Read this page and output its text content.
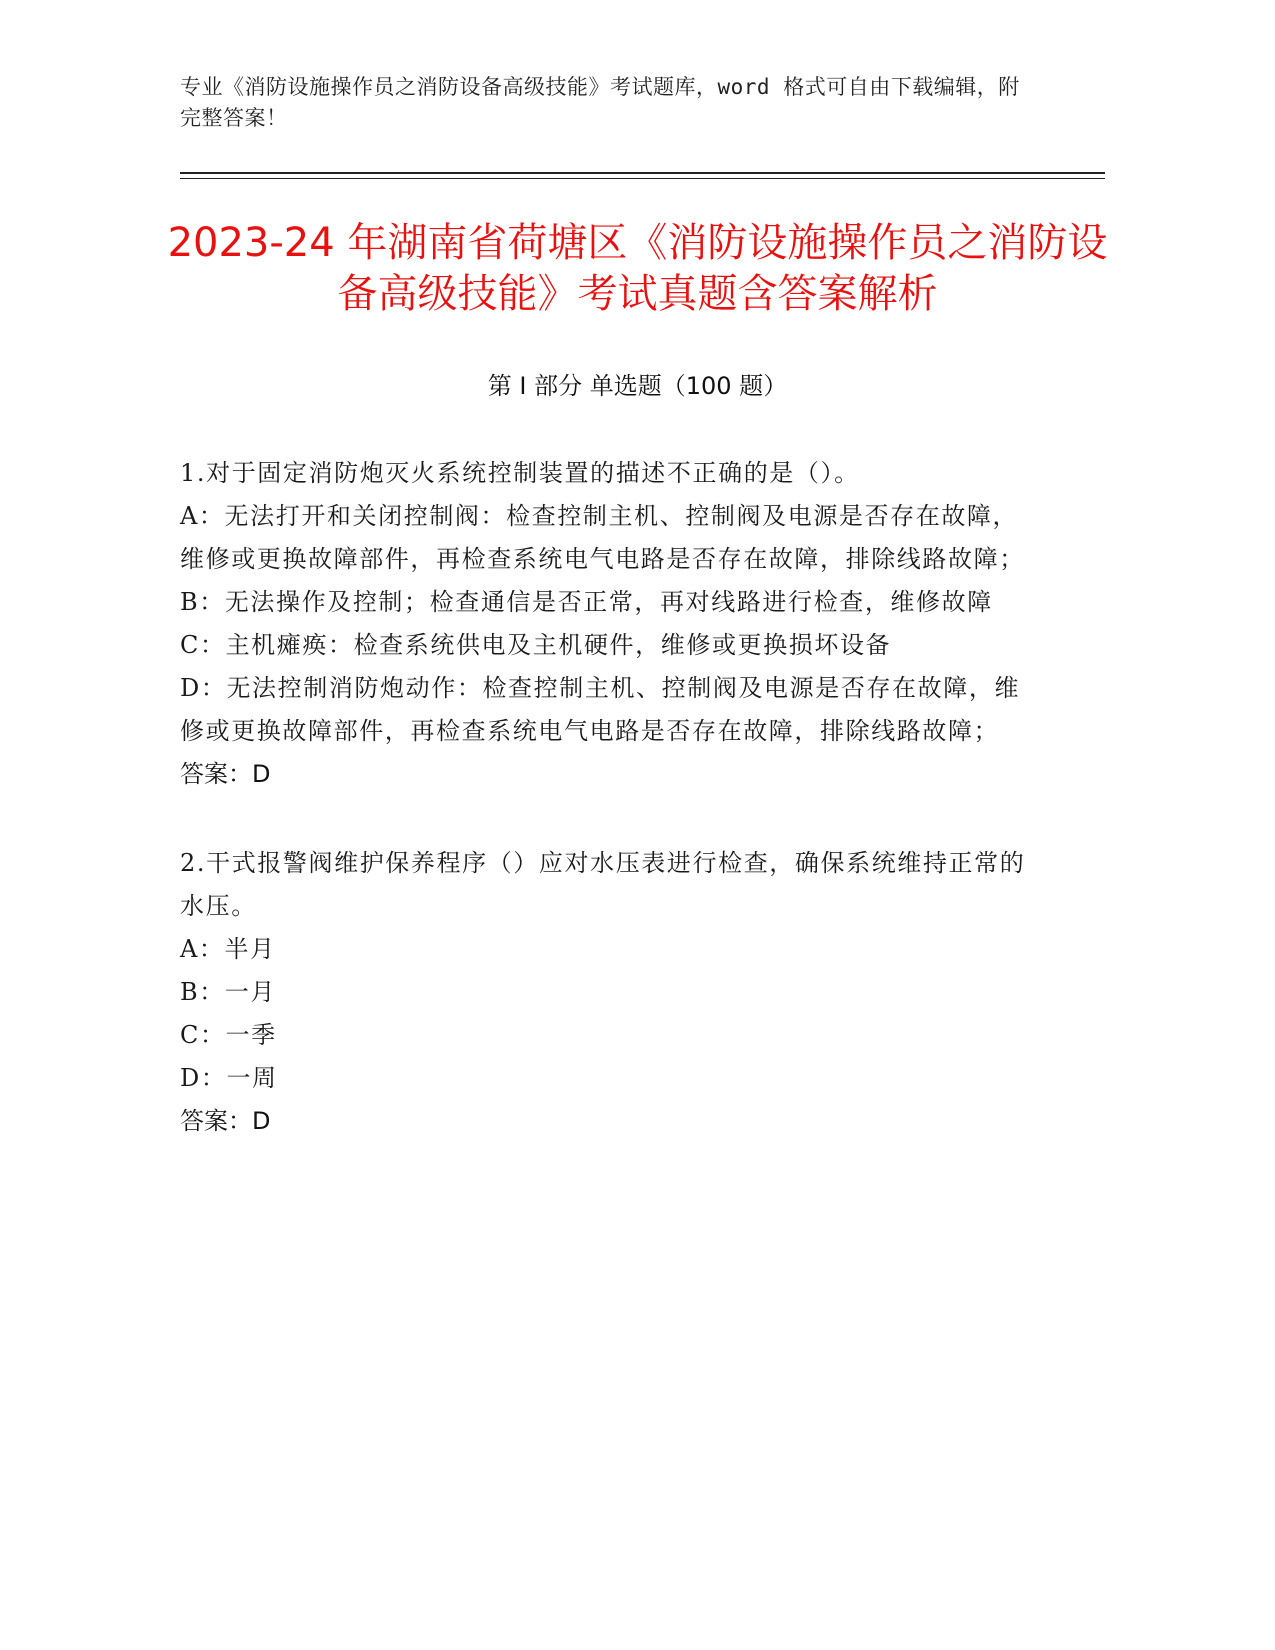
专业《消防设施操作员之消防设备高级技能》考试题库，word 格式可自由下载编辑，附完整答案！
2023-24 年湖南省荷塘区《消防设施操作员之消防设备高级技能》考试真题含答案解析
第 I 部分 单选题（100 题）

1.对于固定消防炮灭火系统控制装置的描述不正确的是（）。

A：无法打开和关闭控制阀：检查控制主机、控制阀及电源是否存在故障，维修或更换故障部件，再检查系统电气电路是否存在故障，排除线路故障；

B：无法操作及控制；检查通信是否正常，再对线路进行检查，维修故障

C：主机瘫痪：检查系统供电及主机硬件，维修或更换损坏设备

D：无法控制消防炮动作：检查控制主机、控制阀及电源是否存在故障，维修或更换故障部件，再检查系统电气电路是否存在故障，排除线路故障；

答案：D

2.干式报警阀维护保养程序（）应对水压表进行检查，确保系统维持正常的水压。

A：半月

B：一月

C：一季

D：一周

答案：D
